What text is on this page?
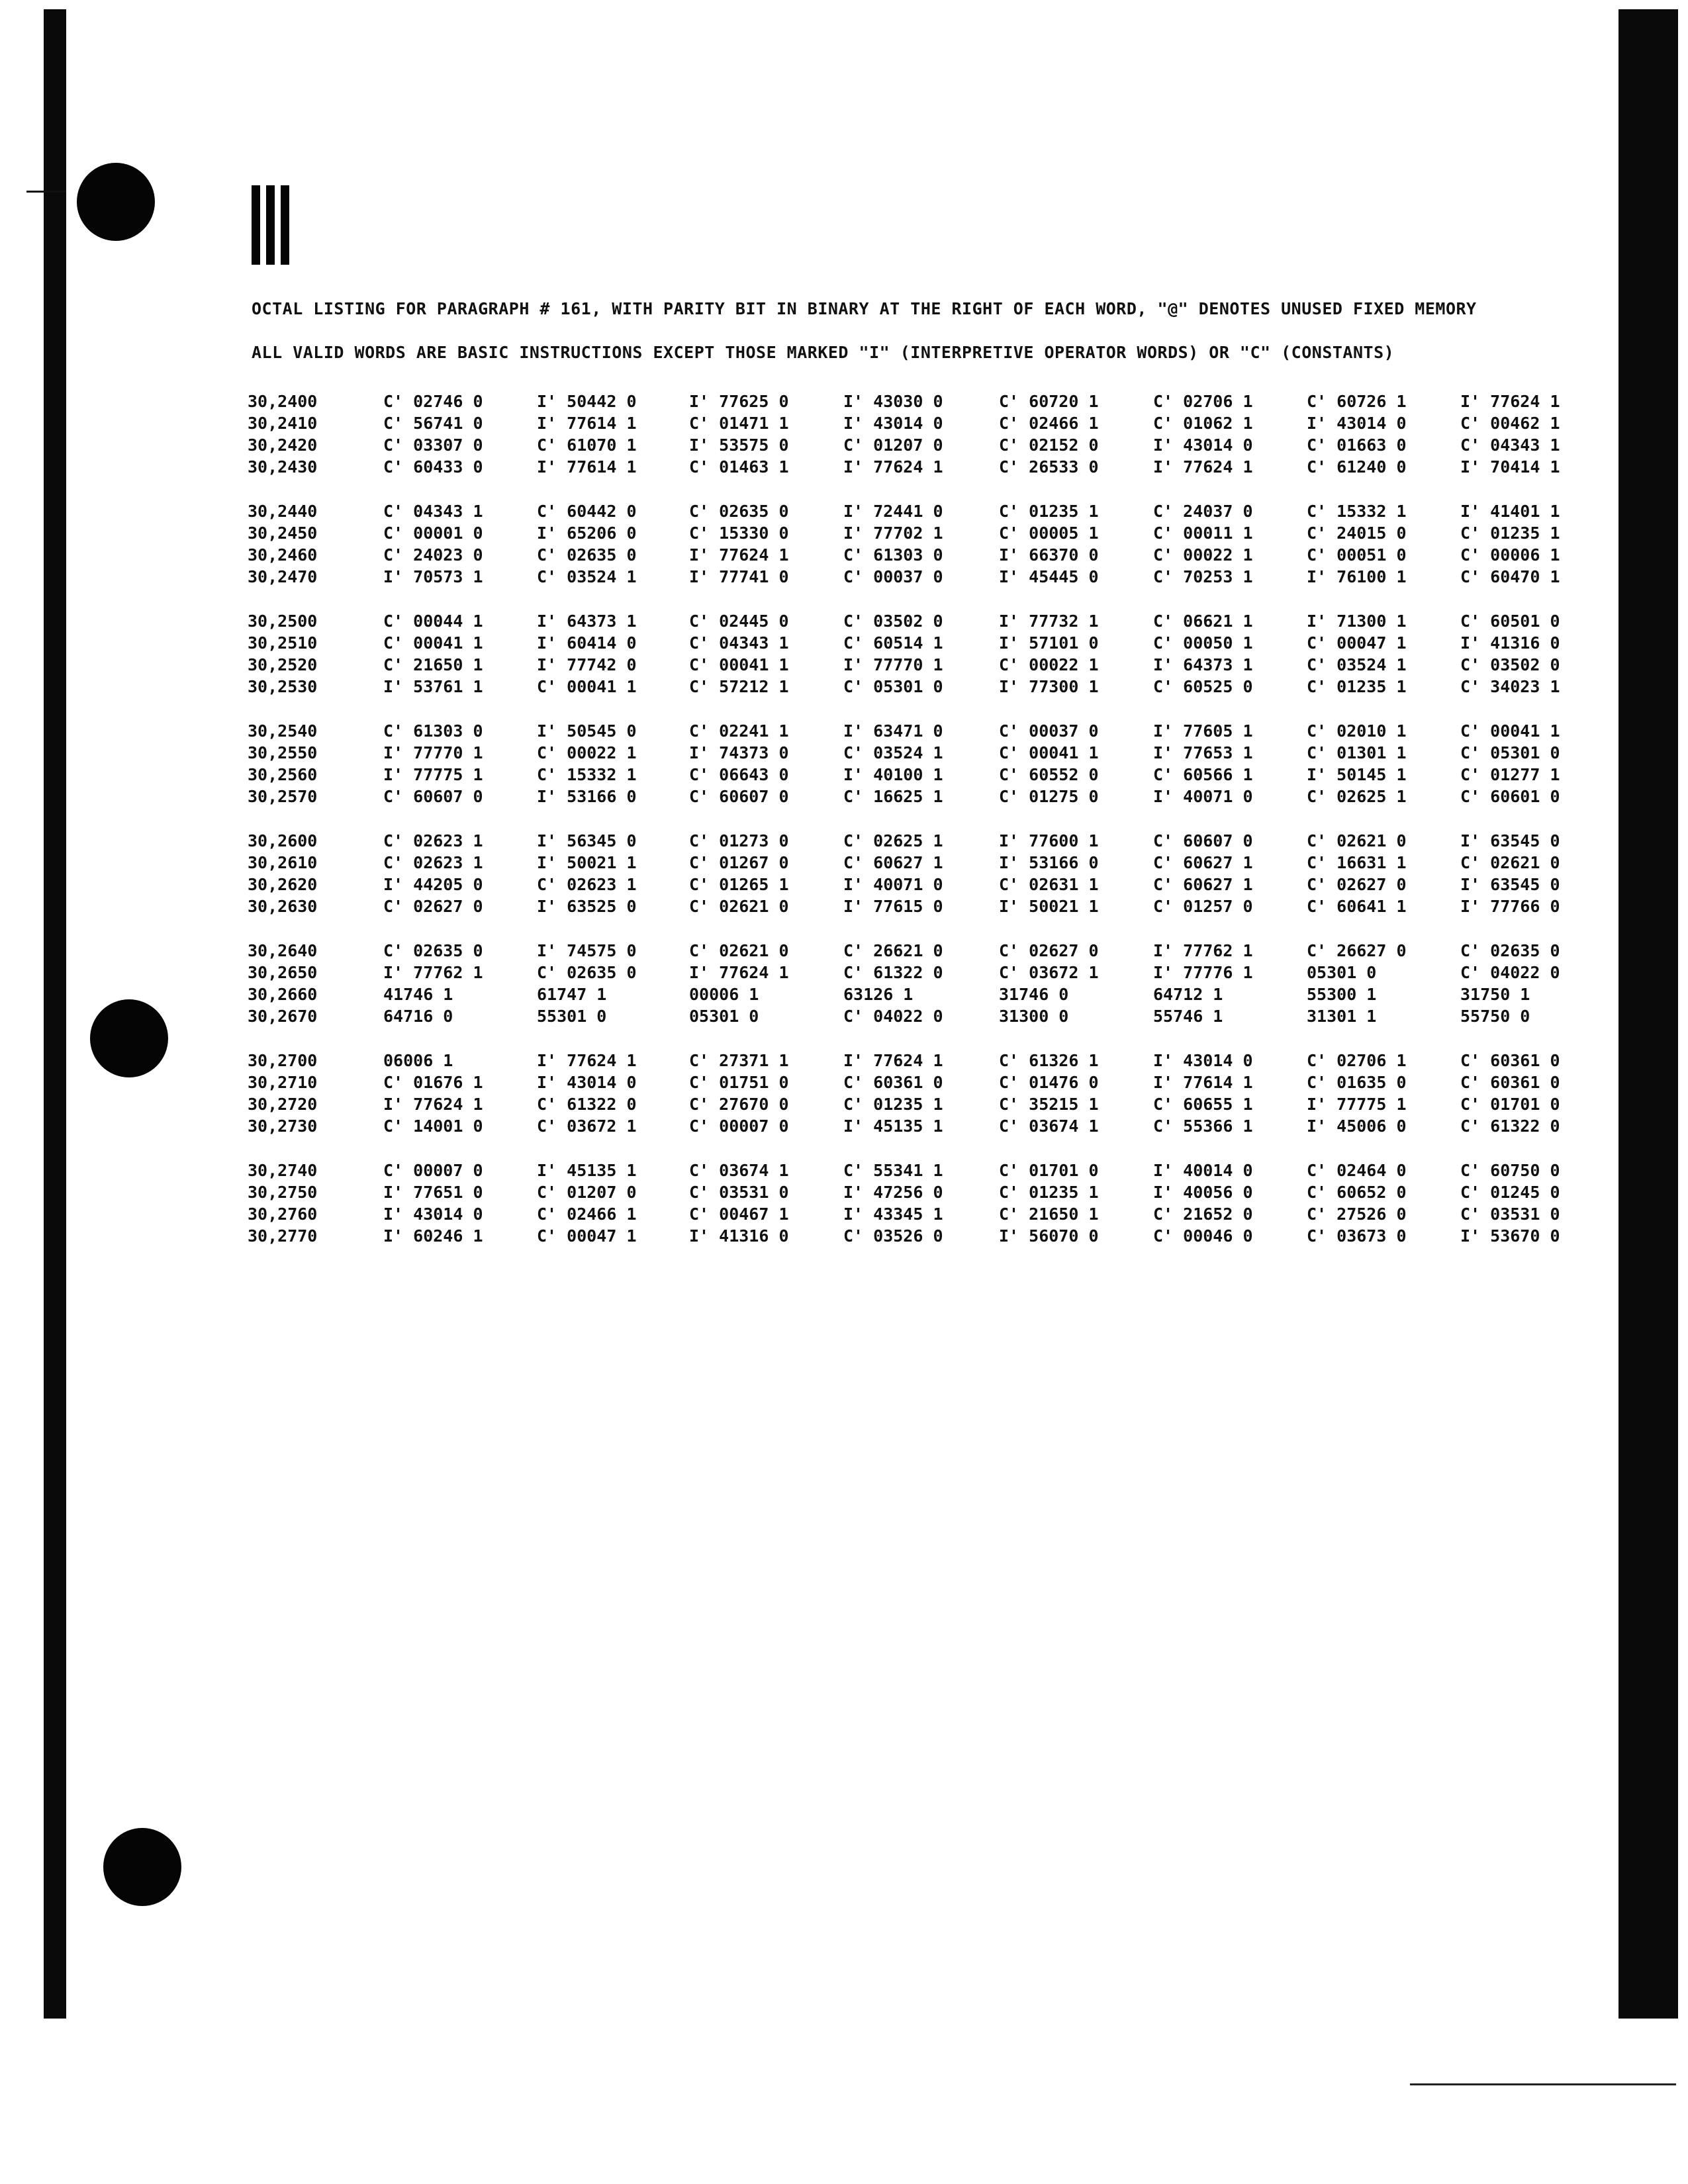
OCTAL LISTING FOR PARAGRAPH # 161, WITH PARITY BIT IN BINARY AT THE RIGHT OF EACH WORD, "@" DENOTES UNUSED FIXED MEMORY
ALL VALID WORDS ARE BASIC INSTRUCTIONS EXCEPT THOSE MARKED "I" (INTERPRETIVE OPERATOR WORDS) OR "C" (CONSTANTS)
30,2400	C' 02746 0	I' 50442 0	I' 77625 0	I' 43030 0	C' 60720 1	C' 02706 1	C' 60726 1	I' 77624 1
30,2410	C' 56741 0	I' 77614 1	C' 01471 1	I' 43014 0	C' 02466 1	C' 01062 1	I' 43014 0	C' 00462 1
30,2420	C' 03307 0	C' 61070 1	I' 53575 0	C' 01207 0	C' 02152 0	I' 43014 0	C' 01663 0	C' 04343 1
30,2430	C' 60433 0	I' 77614 1	C' 01463 1	I' 77624 1	C' 26533 0	I' 77624 1	C' 61240 0	I' 70414 1
30,2440	C' 04343 1	C' 60442 0	C' 02635 0	I' 72441 0	C' 01235 1	C' 24037 0	C' 15332 1	I' 41401 1
30,2450	C' 00001 0	I' 65206 0	C' 15330 0	I' 77702 1	C' 00005 1	C' 00011 1	C' 24015 0	C' 01235 1
30,2460	C' 24023 0	C' 02635 0	I' 77624 1	C' 61303 0	I' 66370 0	C' 00022 1	C' 00051 0	C' 00006 1
30,2470	I' 70573 1	C' 03524 1	I' 77741 0	C' 00037 0	I' 45445 0	C' 70253 1	I' 76100 1	C' 60470 1
30,2500	C' 00044 1	I' 64373 1	C' 02445 0	C' 03502 0	I' 77732 1	C' 06621 1	I' 71300 1	C' 60501 0
30,2510	C' 00041 1	I' 60414 0	C' 04343 1	C' 60514 1	I' 57101 0	C' 00050 1	C' 00047 1	I' 41316 0
30,2520	C' 21650 1	I' 77742 0	C' 00041 1	I' 77770 1	C' 00022 1	I' 64373 1	C' 03524 1	C' 03502 0
30,2530	I' 53761 1	C' 00041 1	C' 57212 1	C' 05301 0	I' 77300 1	C' 60525 0	C' 01235 1	C' 34023 1
30,2540	C' 61303 0	I' 50545 0	C' 02241 1	I' 63471 0	C' 00037 0	I' 77605 1	C' 02010 1	C' 00041 1
30,2550	I' 77770 1	C' 00022 1	I' 74373 0	C' 03524 1	C' 00041 1	I' 77653 1	C' 01301 1	C' 05301 0
30,2560	I' 77775 1	C' 15332 1	C' 06643 0	I' 40100 1	C' 60552 0	C' 60566 1	I' 50145 1	C' 01277 1
30,2570	C' 60607 0	I' 53166 0	C' 60607 0	C' 16625 1	C' 01275 0	I' 40071 0	C' 02625 1	C' 60601 0
30,2600	C' 02623 1	I' 56345 0	C' 01273 0	C' 02625 1	I' 77600 1	C' 60607 0	C' 02621 0	I' 63545 0
30,2610	C' 02623 1	I' 50021 1	C' 01267 0	C' 60627 1	I' 53166 0	C' 60627 1	C' 16631 1	C' 02621 0
30,2620	I' 44205 0	C' 02623 1	C' 01265 1	I' 40071 0	C' 02631 1	C' 60627 1	C' 02627 0	I' 63545 0
30,2630	C' 02627 0	I' 63525 0	C' 02621 0	I' 77615 0	I' 50021 1	C' 01257 0	C' 60641 1	I' 77766 0
30,2640	C' 02635 0	I' 74575 0	C' 02621 0	C' 26621 0	C' 02627 0	I' 77762 1	C' 26627 0	C' 02635 0
30,2650	I' 77762 1	C' 02635 0	I' 77624 1	C' 61322 0	C' 03672 1	I' 77776 1	05301 0	C' 04022 0
30,2660	41746 1	61747 1	00006 1	63126 1	31746 0	64712 1	55300 1	31750 1
30,2670	64716 0	55301 0	05301 0	C' 04022 0	31300 0	55746 1	31301 1	55750 0
30,2700	06006 1	I' 77624 1	C' 27371 1	I' 77624 1	C' 61326 1	I' 43014 0	C' 02706 1	C' 60361 0
30,2710	C' 01676 1	I' 43014 0	C' 01751 0	C' 60361 0	C' 01476 0	I' 77614 1	C' 01635 0	C' 60361 0
30,2720	I' 77624 1	C' 61322 0	C' 27670 0	C' 01235 1	C' 35215 1	C' 60655 1	I' 77775 1	C' 01701 0
30,2730	C' 14001 0	C' 03672 1	C' 00007 0	I' 45135 1	C' 03674 1	C' 55366 1	I' 45006 0	C' 61322 0
30,2740	C' 00007 0	I' 45135 1	C' 03674 1	C' 55341 1	C' 01701 0	I' 40014 0	C' 02464 0	C' 60750 0
30,2750	I' 77651 0	C' 01207 0	C' 03531 0	I' 47256 0	C' 01235 1	I' 40056 0	C' 60652 0	C' 01245 0
30,2760	I' 43014 0	C' 02466 1	C' 00467 1	I' 43345 1	C' 21650 1	C' 21652 0	C' 27526 0	C' 03531 0
30,2770	I' 60246 1	C' 00047 1	I' 41316 0	C' 03526 0	I' 56070 0	C' 00046 0	C' 03673 0	I' 53670 0
